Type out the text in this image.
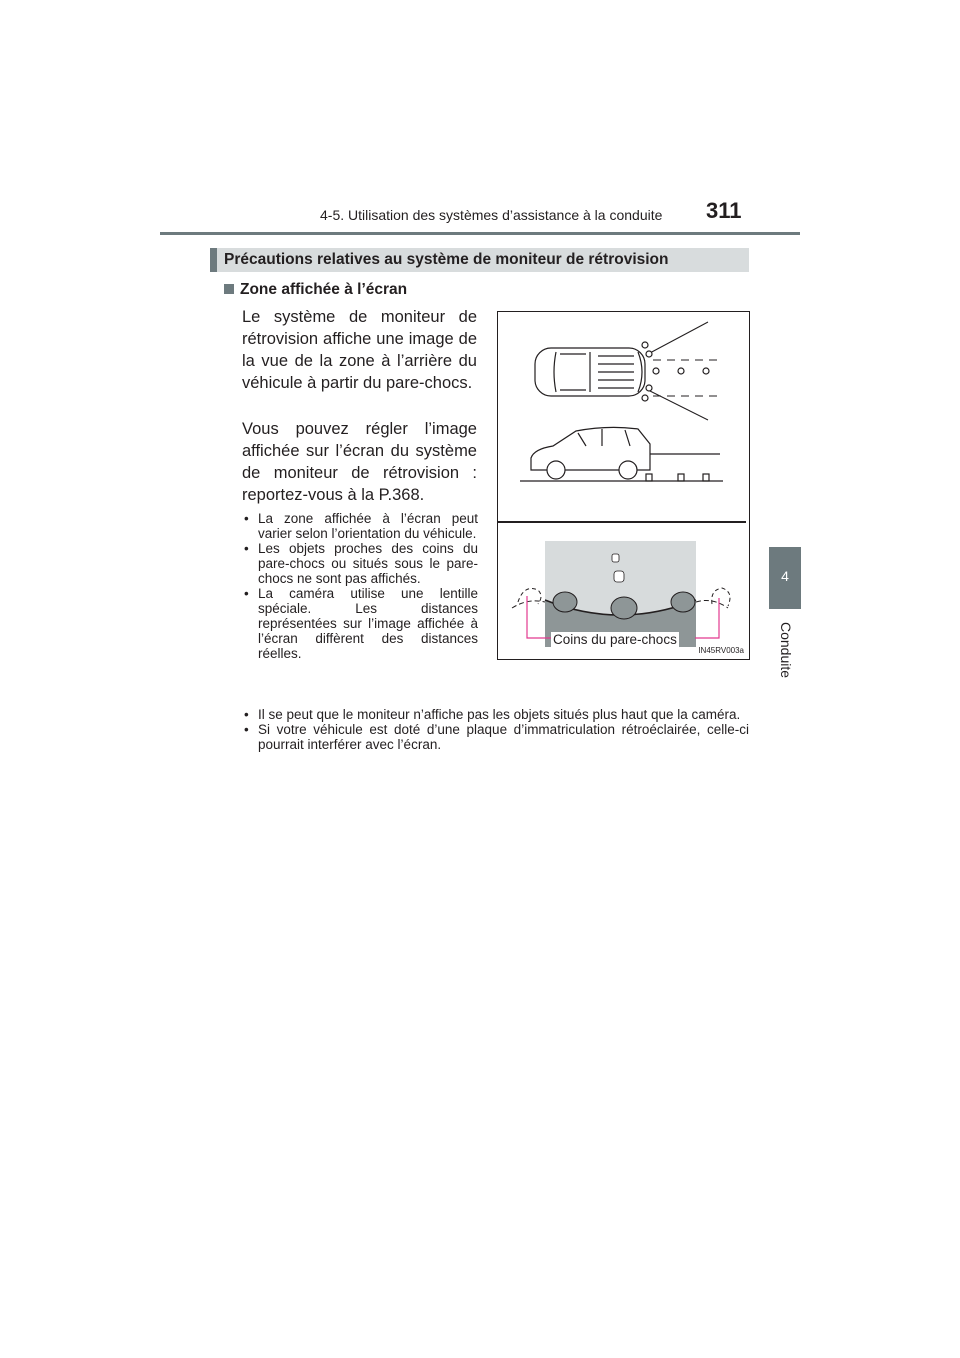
4-5. Utilisation des systèmes d’assistance à la conduite 311
4
Conduite
Précautions relatives au système de moniteur de rétrovision
Zone affichée à l’écran
Le système de moniteur de rétrovision affiche une image de la vue de la zone à l’arrière du véhicule à partir du pare-chocs.
Vous pouvez régler l’image affichée sur l’écran du système de moniteur de rétrovision : reportez-vous à la P.368.
• La zone affichée à l’écran peut varier selon l’orientation du véhicule.
• Les objets proches des coins du pare-chocs ou situés sous le pare-chocs ne sont pas affichés.
• La caméra utilise une lentille spéciale. Les distances représentées sur l’image affichée à l’écran diffèrent des distances réelles.
• Il se peut que le moniteur n’affiche pas les objets situés plus haut que la caméra.
• Si votre véhicule est doté d’une plaque d’immatriculation rétroéclairée, celle-ci pourrait interférer avec l’écran.
Coins du pare-chocs
IN45RV003a
